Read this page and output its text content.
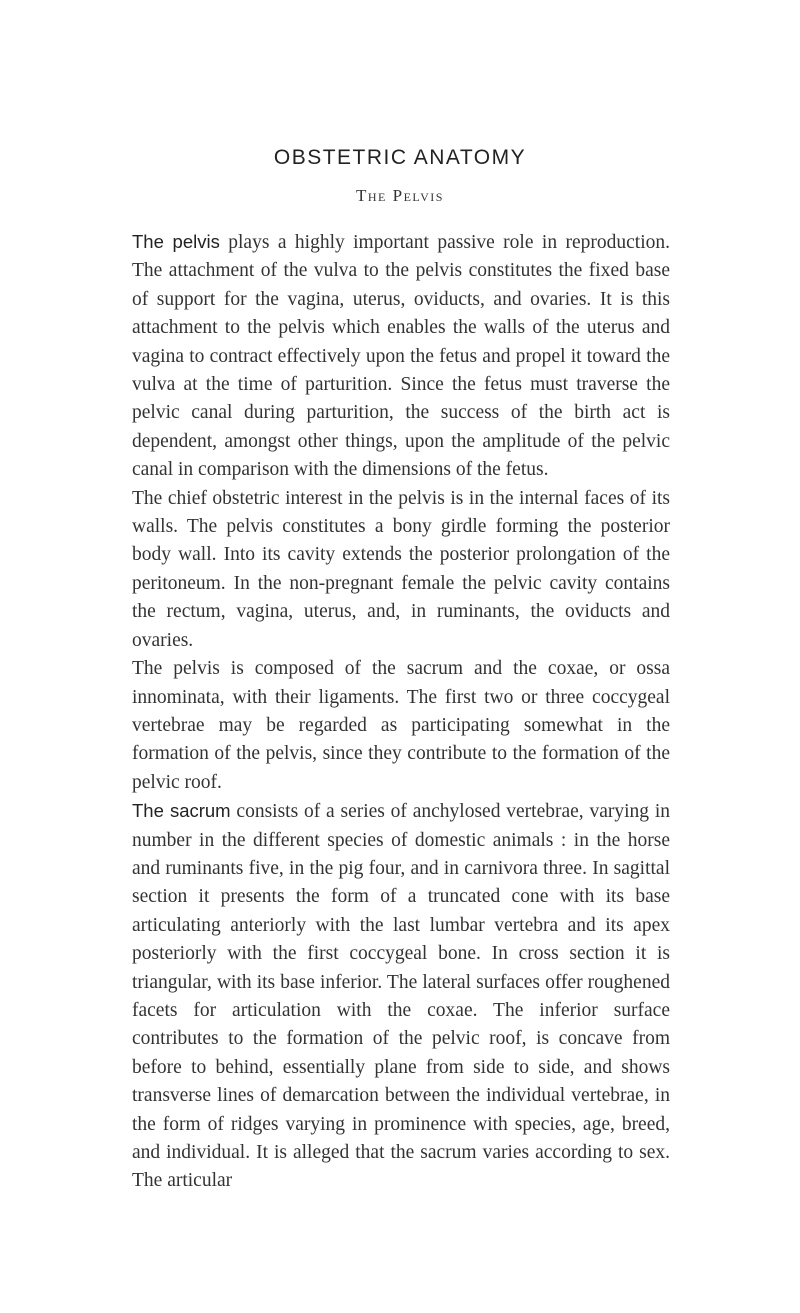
OBSTETRIC ANATOMY
The Pelvis

The pelvis plays a highly important passive role in reproduction. The attachment of the vulva to the pelvis constitutes the fixed base of support for the vagina, uterus, oviducts, and ovaries. It is this attachment to the pelvis which enables the walls of the uterus and vagina to contract effectively upon the fetus and propel it toward the vulva at the time of parturition. Since the fetus must traverse the pelvic canal during parturition, the success of the birth act is dependent, amongst other things, upon the amplitude of the pelvic canal in comparison with the dimensions of the fetus.

The chief obstetric interest in the pelvis is in the internal faces of its walls. The pelvis constitutes a bony girdle forming the posterior body wall. Into its cavity extends the posterior prolongation of the peritoneum. In the non-pregnant female the pelvic cavity contains the rectum, vagina, uterus, and, in ruminants, the oviducts and ovaries.

The pelvis is composed of the sacrum and the coxae, or ossa innominata, with their ligaments. The first two or three coccygeal vertebrae may be regarded as participating somewhat in the formation of the pelvis, since they contribute to the formation of the pelvic roof.

The sacrum consists of a series of anchylosed vertebrae, varying in number in the different species of domestic animals : in the horse and ruminants five, in the pig four, and in carnivora three. In sagittal section it presents the form of a truncated cone with its base articulating anteriorly with the last lumbar vertebra and its apex posteriorly with the first coccygeal bone. In cross section it is triangular, with its base inferior. The lateral surfaces offer roughened facets for articulation with the coxae. The inferior surface contributes to the formation of the pelvic roof, is concave from before to behind, essentially plane from side to side, and shows transverse lines of demarcation between the individual vertebrae, in the form of ridges varying in prominence with species, age, breed, and individual. It is alleged that the sacrum varies according to sex. The articular
